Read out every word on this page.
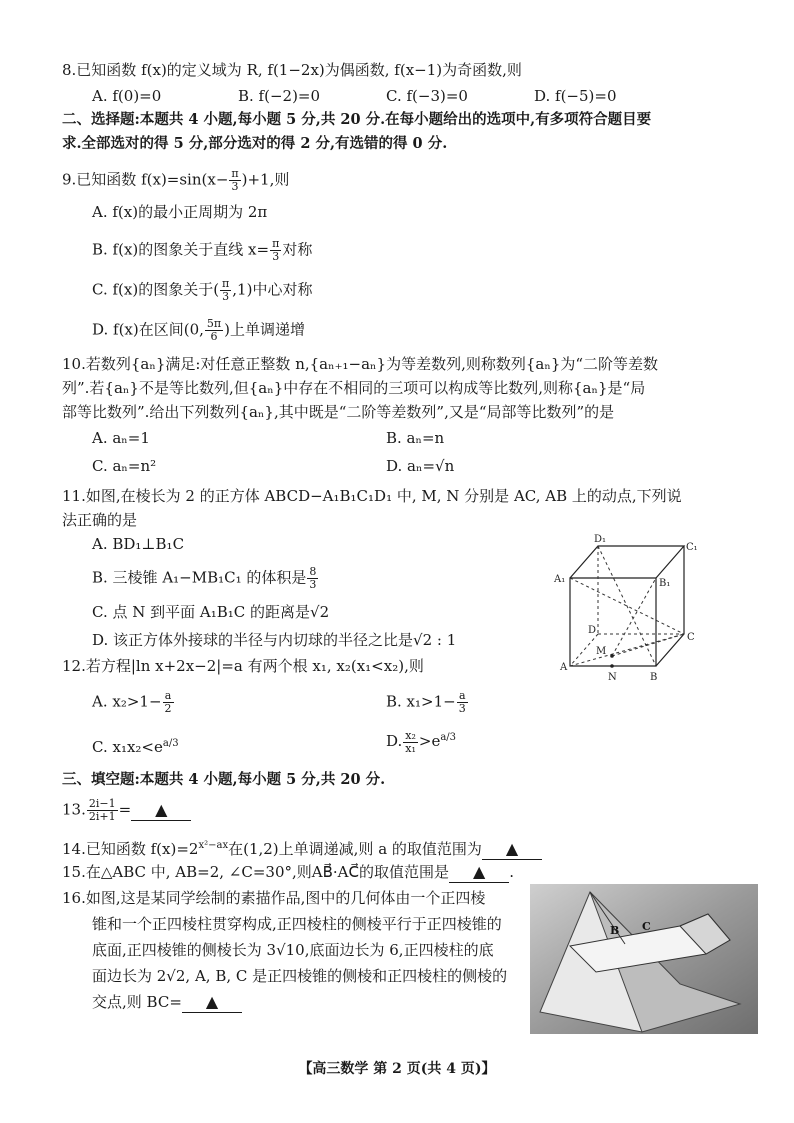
8.已知函数 f(x)的定义域为 R, f(1−2x)为偶函数, f(x−1)为奇函数,则
A. f(0)=0	B. f(−2)=0	C. f(−3)=0	D. f(−5)=0
二、选择题:本题共 4 小题,每小题 5 分,共 20 分.在每小题给出的选项中,有多项符合题目要
求.全部选对的得 5 分,部分选对的得 2 分,有选错的得 0 分.
9.已知函数 $f(x)=\sin(x- \frac{\pi}{3} )+1$,则
A. f(x)的最小正周期为 2π
B. f(x)的图象关于直线 $x= \frac{\pi}{3}$ 对称
C. f(x)的图象关于( $\frac{\pi}{3} ,1$)中心对称
D. f(x)在区间(0, $\frac{5\pi}{6}$ )上单调递增
10.若数列{aₙ}满足:对任意正整数 n,{aₙ₊₁−aₙ}为等差数列,则称数列{aₙ}为“二阶等差数
列”.若{aₙ}不是等比数列,但{aₙ}中存在不相同的三项可以构成等比数列,则称{aₙ}是“局
部等比数列”.给出下列数列{aₙ},其中既是“二阶等差数列”,又是“局部等比数列”的是
A. aₙ=1	B. aₙ=n
C. aₙ=n²	D. aₙ=√n
11.如图,在棱长为 2 的正方体 ABCD−A₁B₁C₁D₁ 中, M, N 分别是 AC, AB 上的动点,下列说
法正确的是
A. BD₁⊥B₁C
B. 三棱锥 A₁−MB₁C₁ 的体积是 $\frac{8}{3}$
C. 点 N 到平面 A₁B₁C 的距离是√2
D. 该正方体外接球的半径与内切球的半径之比是√2 : 1
D₁
C₁
A₁	B₁
D
C
A
M
N	B
12.若方程|ln x+2x−2|=a 有两个根 x₁, x₂(x₁<x₂),则
A. $x_2>1- \frac{a}{2}$	B. $x_1>1- \frac{a}{3}$
C. $x_1x_2<e^{a/3}$	D. $\frac{\text{x₂}}{\text{x₁}} >e^{a/3}$
三、填空题:本题共 4 小题,每小题 5 分,共 20 分.
13. $\frac{2i-1}{2i+1}$ = ▲
14.已知函数 $f(x)=2^{x^2-ax}$在(1,2)上单调递减,则 a 的取值范围为 ▲
15.在△ABC 中, AB=2, ∠C=30°,则AB⃗·AC⃗的取值范围是 ▲ .
16.如图,这是某同学绘制的素描作品,图中的几何体由一个正四棱
锥和一个正四棱柱贯穿构成,正四棱柱的侧棱平行于正四棱锥的
底面,正四棱锥的侧棱长为 3√10,底面边长为 6,正四棱柱的底
面边长为 2√2, A, B, C 是正四棱锥的侧棱和正四棱柱的侧棱的
交点,则 BC= ▲
B C
【高三数学 第 2 页(共 4 页)】
